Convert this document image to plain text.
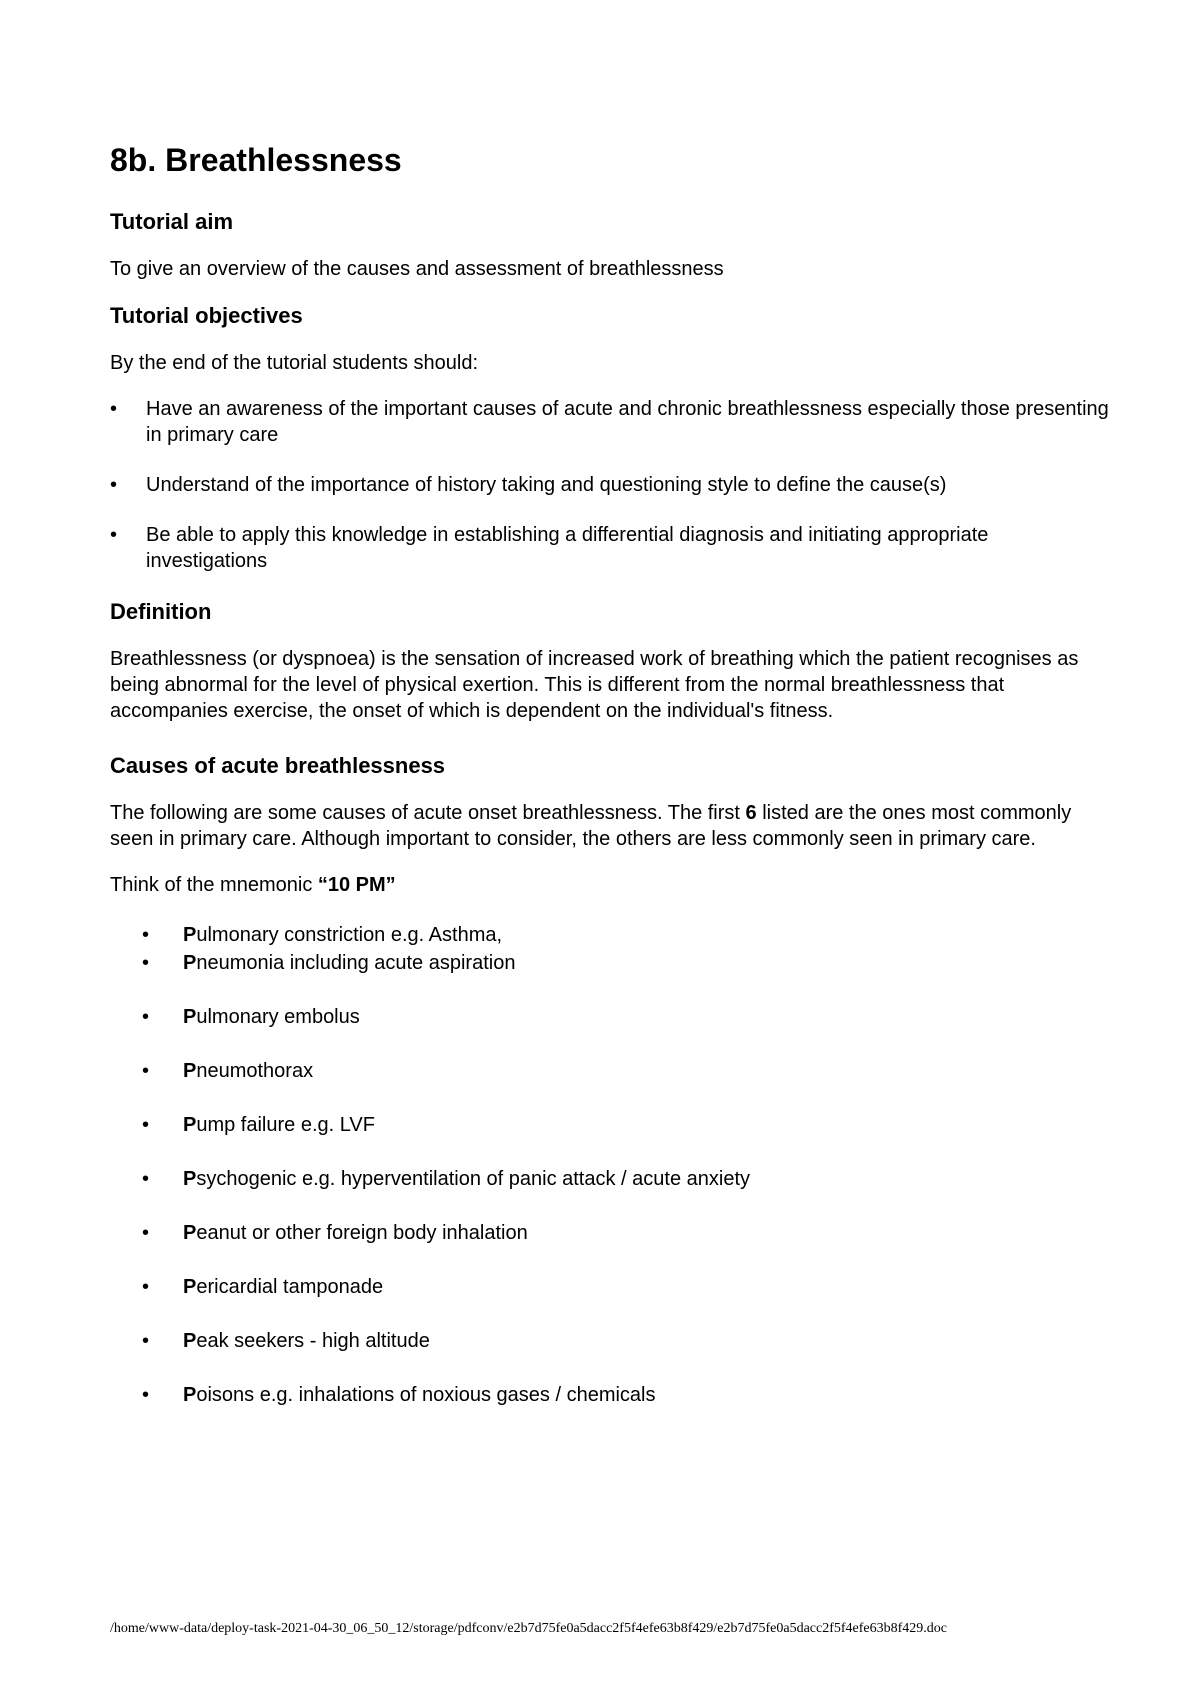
8b. Breathlessness
Tutorial aim

To give an overview of the causes and assessment of breathlessness

Tutorial objectives

By the end of the tutorial students should:

•	Have an awareness of the important causes of acute and chronic breathlessness especially those presenting in primary care
•	Understand of the importance of history taking and questioning style to define the cause(s)
•	Be able to apply this knowledge in establishing a differential diagnosis and initiating appropriate investigations
Definition

Breathlessness (or dyspnoea) is the sensation of increased work of breathing which the patient recognises as being abnormal for the level of physical exertion. This is different from the normal breathlessness that accompanies exercise, the onset of which is dependent on the individual's fitness.

Causes of acute breathlessness

The following are some causes of acute onset breathlessness. The first 6 listed are the ones most commonly seen in primary care. Although important to consider, the others are less commonly seen in primary care.

Think of the mnemonic “10 PM”

• Pulmonary constriction e.g. Asthma,
• Pneumonia including acute aspiration
• Pulmonary embolus
• Pneumothorax
• Pump failure e.g. LVF
• Psychogenic e.g. hyperventilation of panic attack / acute anxiety
• Peanut or other foreign body inhalation
• Pericardial tamponade
• Peak seekers - high altitude
• Poisons e.g. inhalations of noxious gases / chemicals
/home/www-data/deploy-task-2021-04-30_06_50_12/storage/pdfconv/e2b7d75fe0a5dacc2f5f4efe63b8f429/e2b7d75fe0a5dacc2f5f4efe63b8f429.doc
